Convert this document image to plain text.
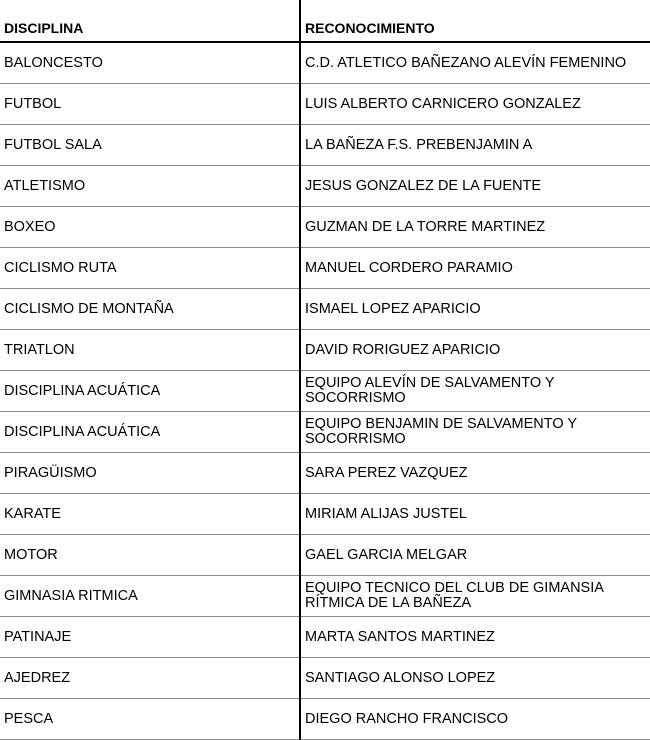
DISCIPLINA	RECONOCIMIENTO
BALONCESTO	C.D. ATLETICO BAÑEZANO ALEVÍN FEMENINO
FUTBOL	LUIS ALBERTO CARNICERO GONZALEZ
FUTBOL SALA	LA BAÑEZA F.S. PREBENJAMIN A
ATLETISMO	JESUS GONZALEZ DE LA FUENTE
BOXEO	GUZMAN DE LA TORRE MARTINEZ
CICLISMO RUTA	MANUEL CORDERO PARAMIO
CICLISMO DE MONTAÑA	ISMAEL LOPEZ APARICIO
TRIATLON	DAVID RORIGUEZ APARICIO
DISCIPLINA ACUÁTICA	EQUIPO ALEVÍN DE SALVAMENTO Y SOCORRISMO
DISCIPLINA ACUÁTICA	EQUIPO BENJAMIN DE SALVAMENTO Y SOCORRISMO
PIRAGÜISMO	SARA PEREZ VAZQUEZ
KARATE	MIRIAM ALIJAS JUSTEL
MOTOR	GAEL GARCIA MELGAR
GIMNASIA RITMICA	EQUIPO TECNICO DEL CLUB DE GIMANSIA RÍTMICA DE LA BAÑEZA
PATINAJE	MARTA SANTOS MARTINEZ
AJEDREZ	SANTIAGO ALONSO LOPEZ
PESCA	DIEGO RANCHO FRANCISCO
